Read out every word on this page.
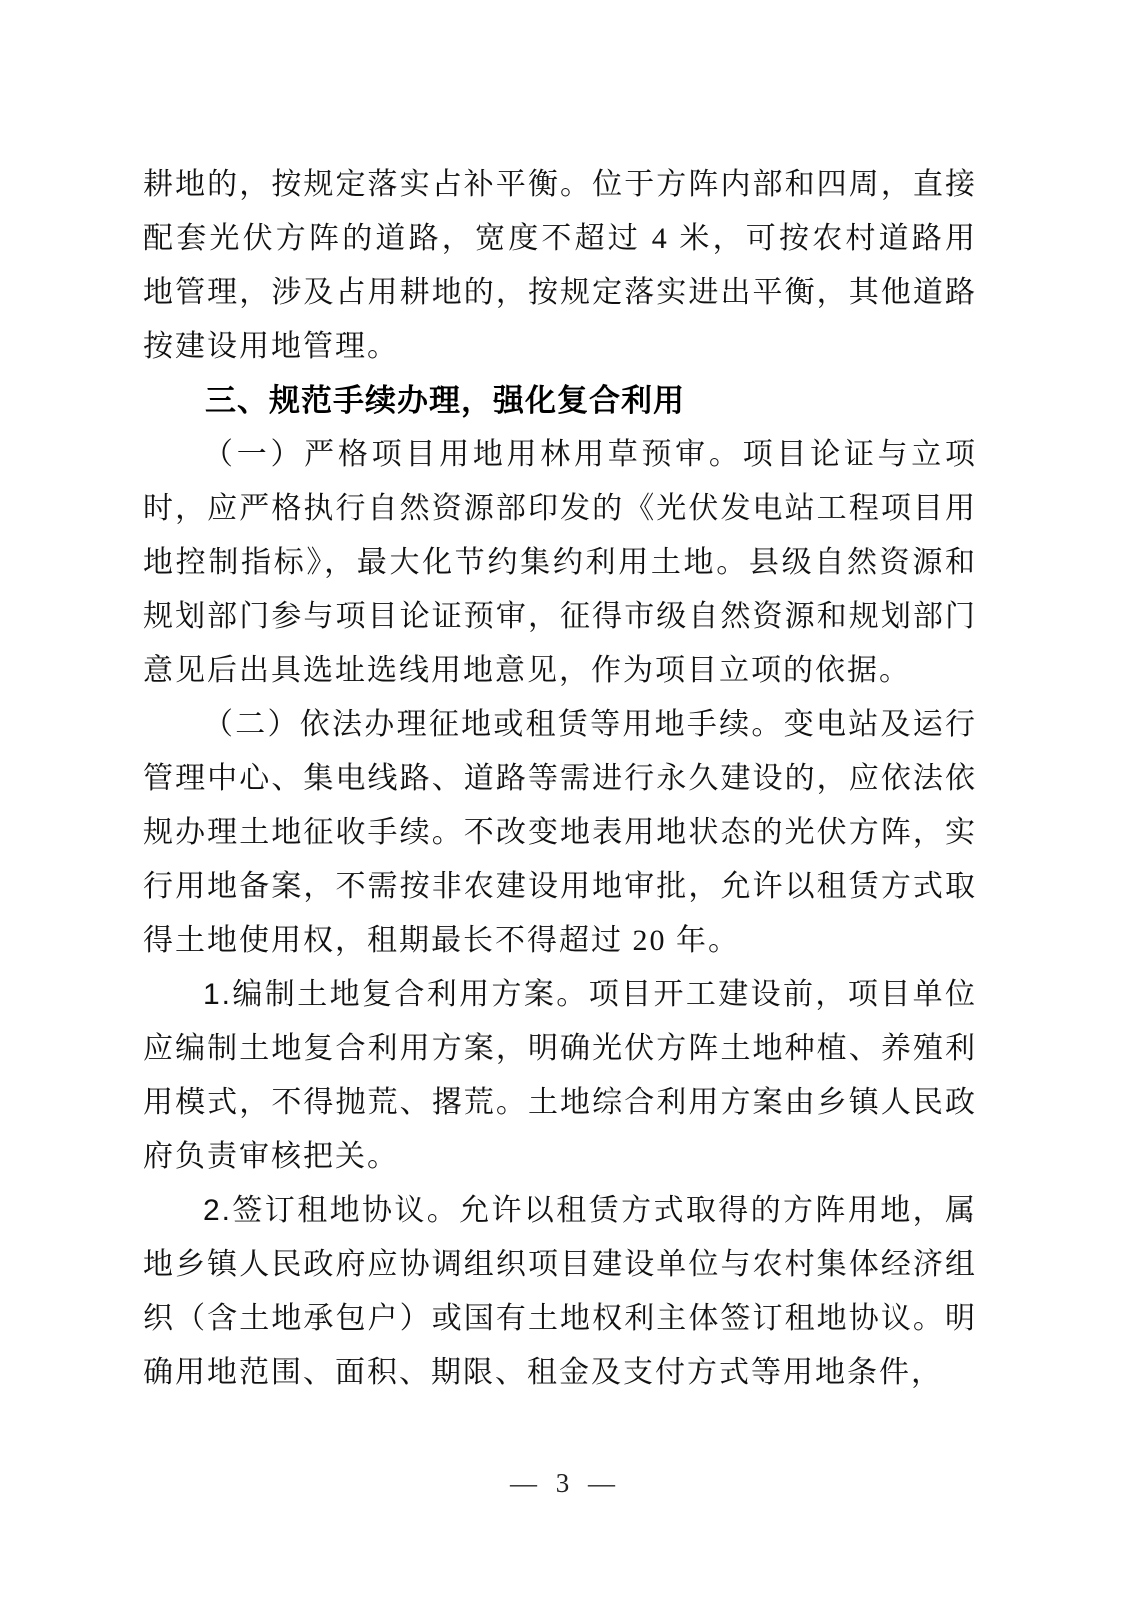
耕地的，按规定落实占补平衡。位于方阵内部和四周，直接配套光伏方阵的道路，宽度不超过 4 米，可按农村道路用地管理，涉及占用耕地的，按规定落实进出平衡，其他道路按建设用地管理。

三、规范手续办理，强化复合利用

（一）严格项目用地用林用草预审。项目论证与立项时，应严格执行自然资源部印发的《光伏发电站工程项目用地控制指标》，最大化节约集约利用土地。县级自然资源和规划部门参与项目论证预审，征得市级自然资源和规划部门意见后出具选址选线用地意见，作为项目立项的依据。

（二）依法办理征地或租赁等用地手续。变电站及运行管理中心、集电线路、道路等需进行永久建设的，应依法依规办理土地征收手续。不改变地表用地状态的光伏方阵，实行用地备案，不需按非农建设用地审批，允许以租赁方式取得土地使用权，租期最长不得超过 20 年。

1.编制土地复合利用方案。项目开工建设前，项目单位应编制土地复合利用方案，明确光伏方阵土地种植、养殖利用模式，不得抛荒、撂荒。土地综合利用方案由乡镇人民政府负责审核把关。

2.签订租地协议。允许以租赁方式取得的方阵用地，属地乡镇人民政府应协调组织项目建设单位与农村集体经济组织（含土地承包户）或国有土地权利主体签订租地协议。明确用地范围、面积、期限、租金及支付方式等用地条件，

— 3 —
